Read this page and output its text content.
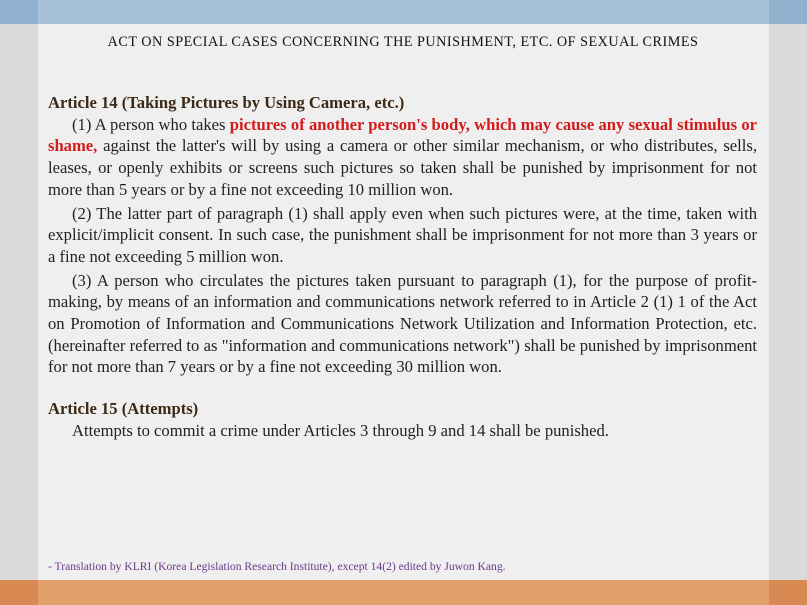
ACT ON SPECIAL CASES CONCERNING THE PUNISHMENT, ETC. OF SEXUAL CRIMES

Article 14 (Taking Pictures by Using Camera, etc.)

(1) A person who takes pictures of another person's body, which may cause any sexual stimulus or shame, against the latter's will by using a camera or other similar mechanism, or who distributes, sells, leases, or openly exhibits or screens such pictures so taken shall be punished by imprisonment for not more than 5 years or by a fine not exceeding 10 million won.

(2) The latter part of paragraph (1) shall apply even when such pictures were, at the time, taken with explicit/implicit consent. In such case, the punishment shall be imprisonment for not more than 3 years or a fine not exceeding 5 million won.

(3) A person who circulates the pictures taken pursuant to paragraph (1), for the purpose of profit-making, by means of an information and communications network referred to in Article 2 (1) 1 of the Act on Promotion of Information and Communications Network Utilization and Information Protection, etc. (hereinafter referred to as "information and communications network") shall be punished by imprisonment for not more than 7 years or by a fine not exceeding 30 million won.

Article 15 (Attempts)

Attempts to commit a crime under Articles 3 through 9 and 14 shall be punished.

- Translation by KLRI (Korea Legislation Research Institute), except 14(2) edited by Juwon Kang.
